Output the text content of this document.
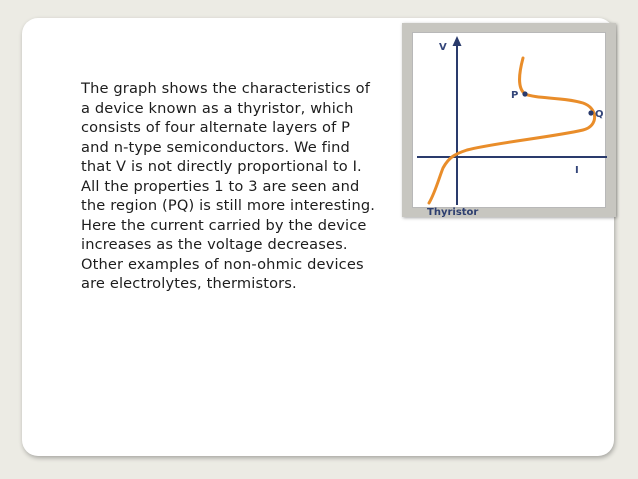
The graph shows the characteristics of a device known as a thyristor, which consists of four alternate layers of P and n-type semiconductors. We find that V is not directly proportional to I. All the properties 1 to 3 are seen and the region (PQ) is still more interesting. Here the current carried by the device increases as the voltage decreases. Other examples of non-ohmic devices are electrolytes, thermistors.

V
I
P
Q
Thyristor
